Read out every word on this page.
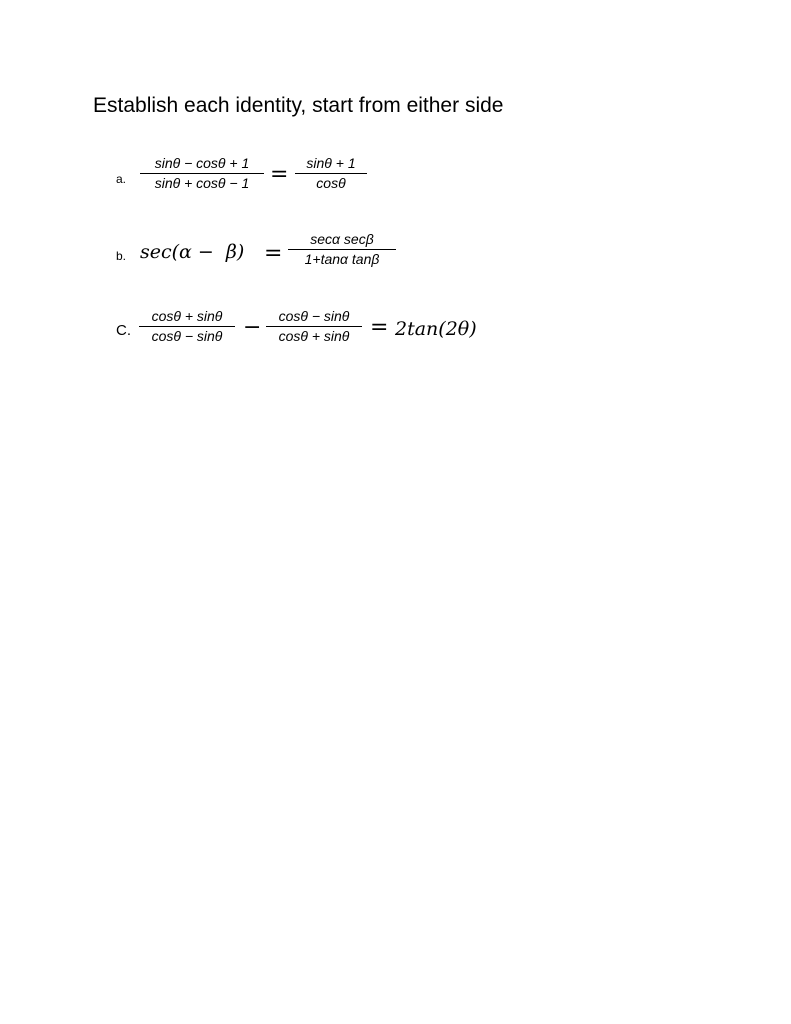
Establish each identity, start from either side
a.
sinθ − cosθ + 1
sinθ + cosθ − 1 =	sinθ + 1
cosθ
b. sec(α −  β) =
secα secβ
1+tanα tanβ
C.
cosθ + sinθ
cosθ − sinθ −	cosθ − sinθ
cosθ + sinθ = 2tan(2θ)
